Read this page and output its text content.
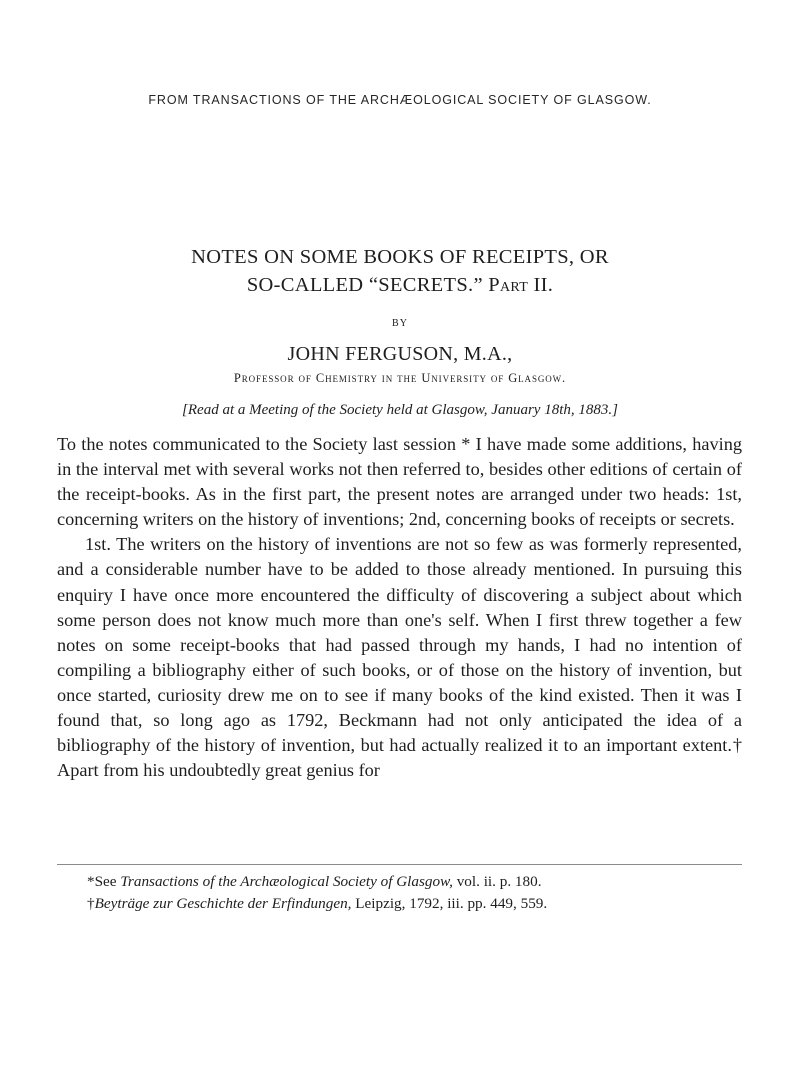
FROM TRANSACTIONS OF THE ARCHÆOLOGICAL SOCIETY OF GLASGOW.
NOTES ON SOME BOOKS OF RECEIPTS, OR
SO-CALLED “SECRETS.” Part II.
BY
JOHN FERGUSON, M.A.,
Professor of Chemistry in the University of Glasgow.
[Read at a Meeting of the Society held at Glasgow, January 18th, 1883.]

To the notes communicated to the Society last session * I have made some additions, having in the interval met with several works not then referred to, besides other editions of certain of the receipt-books. As in the first part, the present notes are arranged under two heads: 1st, concerning writers on the history of inventions; 2nd, concerning books of receipts or secrets.

1st. The writers on the history of inventions are not so few as was formerly represented, and a considerable number have to be added to those already mentioned. In pursuing this enquiry I have once more encountered the difficulty of discovering a subject about which some person does not know much more than one's self. When I first threw together a few notes on some receipt-books that had passed through my hands, I had no intention of compiling a bibliography either of such books, or of those on the history of invention, but once started, curiosity drew me on to see if many books of the kind existed. Then it was I found that, so long ago as 1792, Beckmann had not only anticipated the idea of a bibliography of the history of invention, but had actually realized it to an important extent.† Apart from his undoubtedly great genius for

*See Transactions of the Archæological Society of Glasgow, vol. ii. p. 180.

†Beyträge zur Geschichte der Erfindungen, Leipzig, 1792, iii. pp. 449, 559.
